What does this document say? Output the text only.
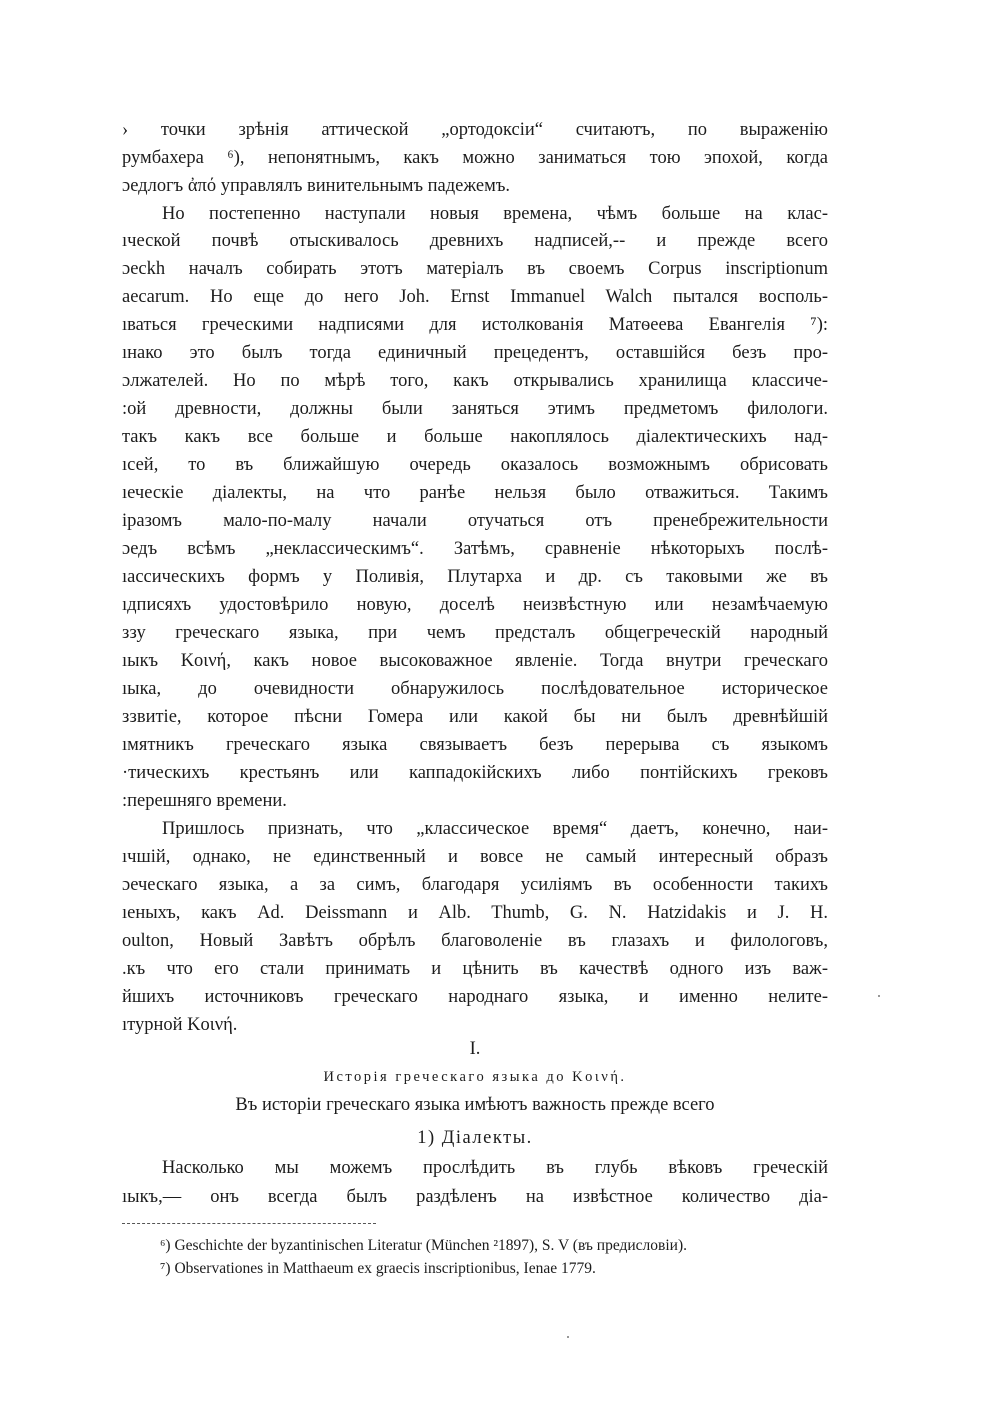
› точки зрѣнія аттической „ортодоксіи“ считаютъ, по выраженію
румбахера ⁶), непонятнымъ, какъ можно заниматься тою эпохой, когда
ɔедлогъ ἀπό управлялъ винительнымъ падежемъ.
Но постепенно наступали новыя времена, чѣмъ больше на клас-
ıческой почвѣ отыскивалось древнихъ надписей,-- и прежде всего
ɔeckh началъ собирать этотъ матеріалъ въ своемъ Corpus inscriptionum
aecarum. Но еще до него Joh. Ernst Immanuel Walch пытался восполь-
ıваться греческими надписями для истолкованія Матѳеева Евангелія ⁷):
ıнако это былъ тогда единичный прецедентъ, оставшійся безъ про-
ɔлжателей. Но по мѣрѣ того, какъ открывались хранилища классиче-
:ой древности, должны были заняться этимъ предметомъ филологи.
такъ какъ все больше и больше накоплялось діалектическихъ над-
ıсей, то въ ближайшую очередь оказалось возможнымъ обрисовать
ıеческіе діалекты, на что ранѣе нельзя было отважиться. Такимъ
іразомъ мало-по-малу начали отучаться отъ пренебрежительности
ɔедъ всѣмъ „неклассическимъ“. Затѣмъ, сравненіе нѣкоторыхъ послѣ-
ıассическихъ формъ у Поливія, Плутарха и др. съ таковыми же въ
ıдписяхъ удостовѣрило новую, доселѣ неизвѣстную или незамѣчаемую
ззу греческаго языка, при чемъ предсталъ общегреческій народный
ıыкъ Κοινή, какъ новое высоковажное явленіе. Тогда внутри греческаго
ıыка, до очевидности обнаружилось послѣдовательное историческое
ззвитіе, которое пѣсни Гомера или какой бы ни былъ древнѣйшій
ıмятникъ греческаго языка связываетъ безъ перерыва съ языкомъ
·тическихъ крестьянъ или каппадокійскихъ либо понтійскихъ грековъ
:перешняго времени.
Пришлось признать, что „классическое время“ даетъ, конечно, наи-
ıчшій, однако, не единственный и вовсе не самый интересный образъ
ɔеческаго языка, а за симъ, благодаря усиліямъ въ особенности такихъ
ıеныхъ, какъ Ad. Deissmann и Alb. Thumb, G. N. Hatzidakis и J. H.
oulton, Новый Завѣтъ обрѣлъ благоволеніе въ глазахъ и филологовъ,
.къ что его стали принимать и цѣнить въ качествѣ одного изъ важ-
йшихъ источниковъ греческаго народнаго языка, и именно нелите-
ıтурной Κοινή.
I.
Исторія греческаго языка до Κοινή.
Въ исторіи греческаго языка имѣютъ важность прежде всего
1) Діалекты.
Насколько мы можемъ прослѣдить въ глубь вѣковъ греческій
ıыкъ,— онъ всегда былъ раздѣленъ на извѣстное количество діа-
⁶) Geschichte der byzantinischen Literatur (München ²1897), S. V (въ предисловіи).
⁷) Observationes in Matthaeum ex graecis inscriptionibus, Ienae 1779.
